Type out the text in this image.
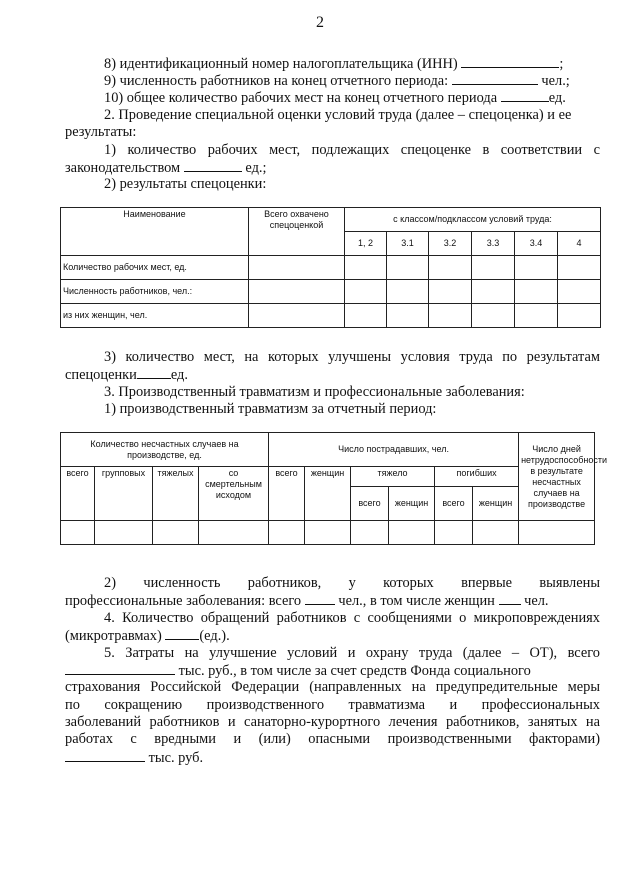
2
8) идентификационный номер налогоплательщика (ИНН)	;
9) численность работников на конец отчетного периода:	чел.;
10) общее количество рабочих мест на конец отчетного периода	ед.
2. Проведение специальной оценки условий труда (далее – спецоценка) и ее
результаты:
1) количество рабочих мест, подлежащих спецоценке в соответствии с
законодательством	ед.;
2) результаты спецоценки:
Наименование	Всего охвачено спецоценкой	с классом/подклассом условий труда:					
		1, 2	3.1	3.2	3.3	3.4	4
Количество рабочих мест, ед.							
Численность работников, чел.:							
из них женщин, чел.							
3) количество мест, на которых улучшены условия труда по результатам
спецоценки ед.
3. Производственный травматизм и профессиональные заболевания:
1) производственный травматизм за отчетный период:
Количество несчастных случаев на производстве, ед.				Число пострадавших, чел.						Число дней нетрудоспособности в результате несчастных случаев на производстве
всего	групповых	тяжелых	со смертельным исходом	всего	женщин	тяжело		погибших		
						всего	женщин	всего	женщин	

2) численность работников, у которых впервые выявлены
профессиональные заболевания: всего	чел., в том числе женщин чел.
4. Количество обращений работников с сообщениями о микроповреждениях
(микротравмах)	(ед.).
5. Затраты на улучшение условий и охрану труда (далее – ОТ), всего
тыс. руб., в том числе за счет средств Фонда социального
страхования Российской Федерации (направленных на предупредительные меры
по сокращению производственного травматизма и профессиональных
заболеваний работников и санаторно-курортного лечения работников, занятых на
работах с вредными и (или) опасными производственными факторами)
тыс. руб.
